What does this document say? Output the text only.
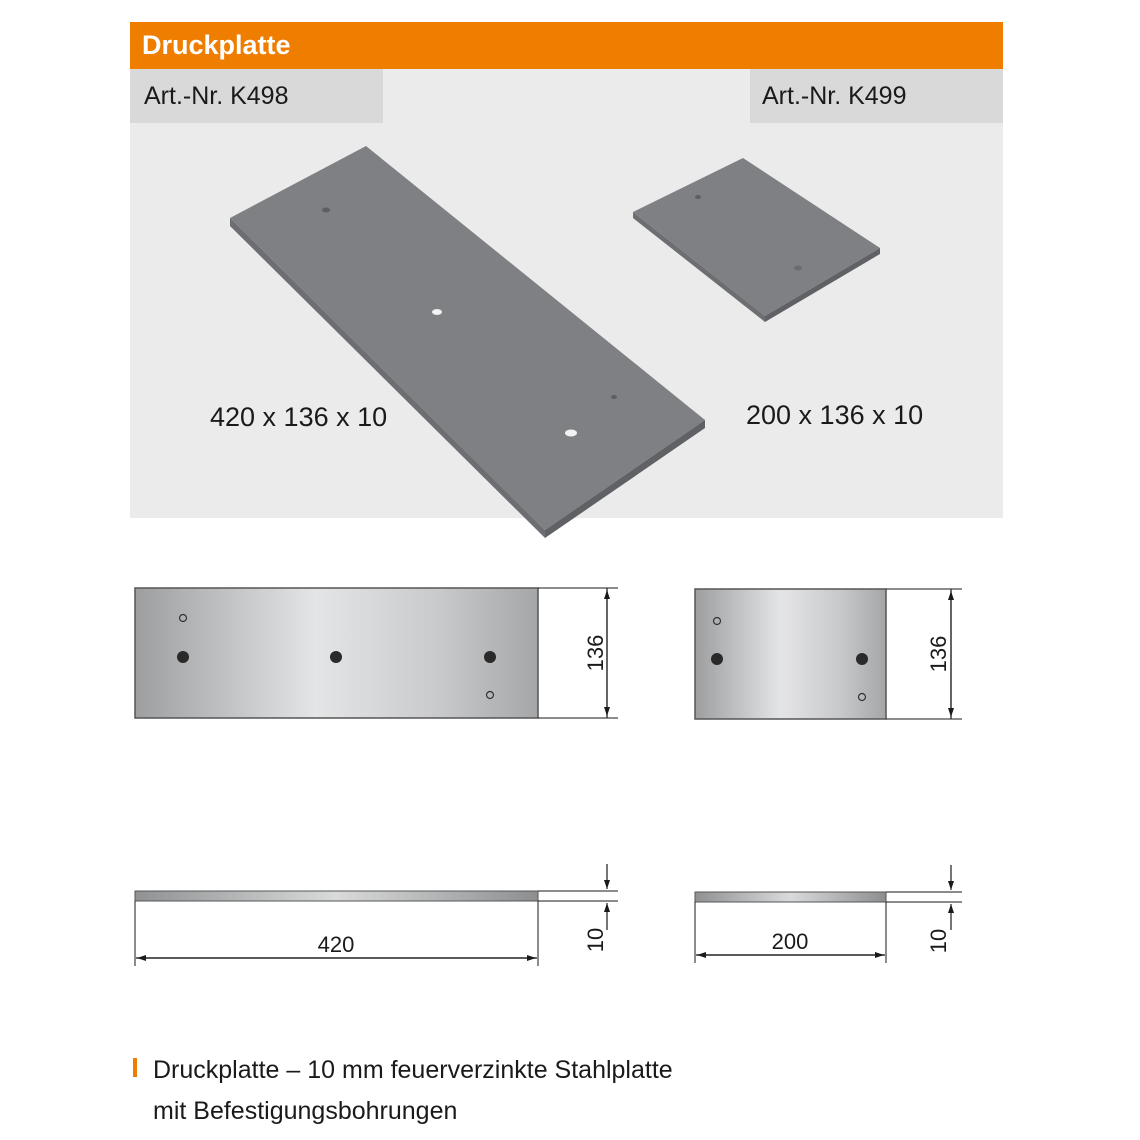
Druckplatte
Art.-Nr. K498	Art.-Nr. K499
136	136
420	10	200	10
420 x 136 x 10	200 x 136 x 10
Druckplatte – 10 mm feuerverzinkte Stahlplatte
mit Befestigungsbohrungen
